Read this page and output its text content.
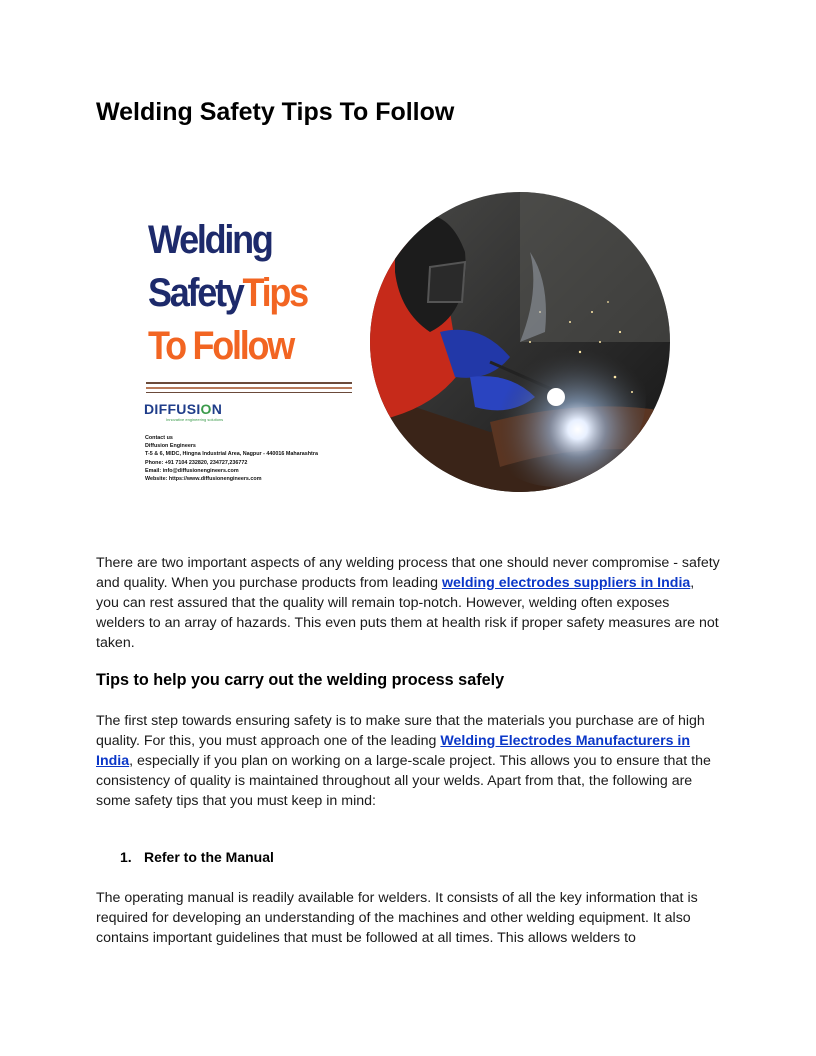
Welding Safety Tips To Follow
Welding
SafetyTips
To Follow
DIFFUSION
Innovative engineering solutions
Contact us
Diffusion Engineers
T-5 & 6, MIDC, Hingna Industrial Area, Nagpur - 440016 Maharashtra
Phone: +91 7104 232820, 234727,236772
Email: info@diffusionengineers.com
Website: https://www.diffusionengineers.com

There are two important aspects of any welding process that one should never compromise - safety and quality. When you purchase products from leading welding electrodes suppliers in India, you can rest assured that the quality will remain top-notch. However, welding often exposes welders to an array of hazards. This even puts them at health risk if proper safety measures are not taken.

Tips to help you carry out the welding process safely

The first step towards ensuring safety is to make sure that the materials you purchase are of high quality. For this, you must approach one of the leading Welding Electrodes Manufacturers in India, especially if you plan on working on a large-scale project. This allows you to ensure that the consistency of quality is maintained throughout all your welds. Apart from that, the following are some safety tips that you must keep in mind:

1. Refer to the Manual

The operating manual is readily available for welders. It consists of all the key information that is required for developing an understanding of the machines and other welding equipment. It also contains important guidelines that must be followed at all times. This allows welders to
